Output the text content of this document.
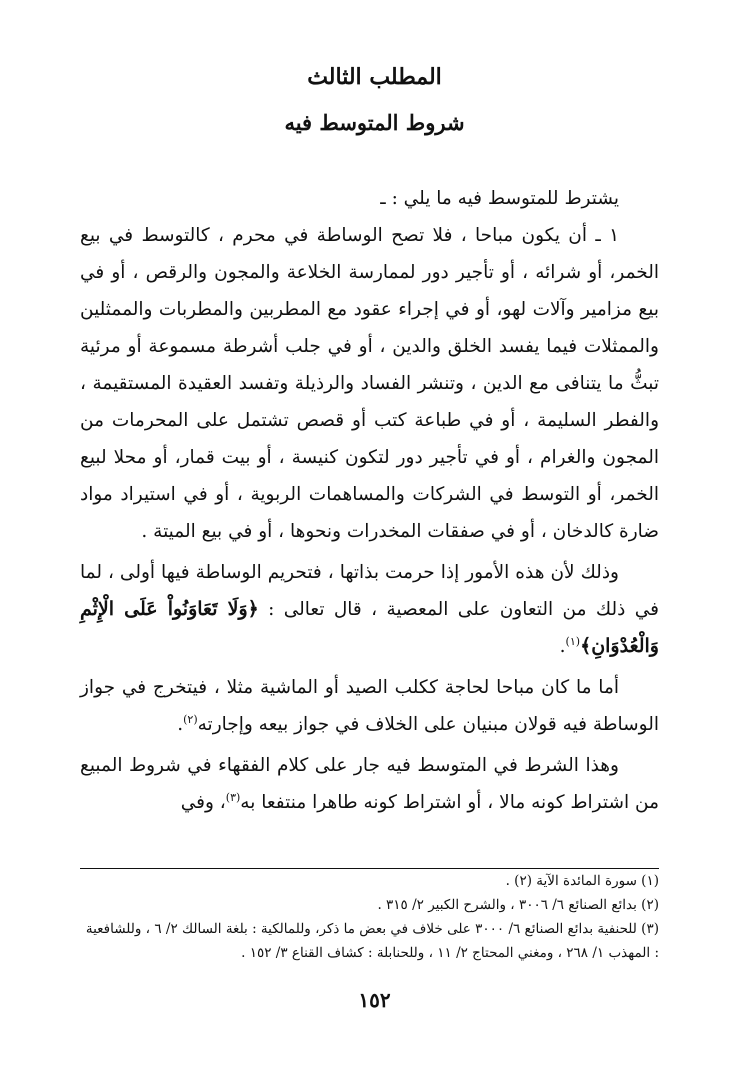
المطلب الثالث
شروط المتوسط فيه

يشترط للمتوسط فيه ما يلي : ـ

١ ـ أن يكون مباحا ، فلا تصح الوساطة في محرم ، كالتوسط في بيع الخمر، أو شرائه ، أو تأجير دور لممارسة الخلاعة والمجون والرقص ، أو في بيع مزامير وآلات لهو، أو في إجراء عقود مع المطربين والمطربات والممثلين والممثلات فيما يفسد الخلق والدين ، أو في جلب أشرطة مسموعة أو مرئية تبثُّ ما يتنافى مع الدين ، وتنشر الفساد والرذيلة وتفسد العقيدة المستقيمة ، والفطر السليمة ، أو في طباعة كتب أو قصص تشتمل على المحرمات من المجون والغرام ، أو في تأجير دور لتكون كنيسة ، أو بيت قمار، أو محلا لبيع الخمر، أو التوسط في الشركات والمساهمات الربوية ، أو في استيراد مواد ضارة كالدخان ، أو في صفقات المخدرات ونحوها ، أو في بيع الميتة .

وذلك لأن هذه الأمور إذا حرمت بذاتها ، فتحريم الوساطة فيها أولى ، لما في ذلك من التعاون على المعصية ، قال تعالى : ﴿وَلَا تَعَاوَنُواْ عَلَى الْإِثْمِ وَالْعُدْوَانِ﴾$^{(١)}$.

أما ما كان مباحا لحاجة ككلب الصيد أو الماشية مثلا ، فيتخرج في جواز الوساطة فيه قولان مبنيان على الخلاف في جواز بيعه وإجارته$^{(٢)}$.

وهذا الشرط في المتوسط فيه جار على كلام الفقهاء في شروط المبيع من اشتراط كونه مالا ، أو اشتراط كونه طاهرا منتفعا به$^{(٣)}$، وفي

(١) سورة المائدة الآية (٢) .

(٢) بدائع الصنائع ٦/ ٣٠٠٦ ، والشرح الكبير ٢/ ٣١٥ .

(٣) للحنفية بدائع الصنائع ٦/ ٣٠٠٠ على خلاف في بعض ما ذكر، وللمالكية : بلغة السالك ٢/ ٦ ، وللشافعية : المهذب ١/ ٢٦٨ ، ومغني المحتاج ٢/ ١١ ، وللحنابلة : كشاف القناع ٣/ ١٥٢ .

١٥٢
